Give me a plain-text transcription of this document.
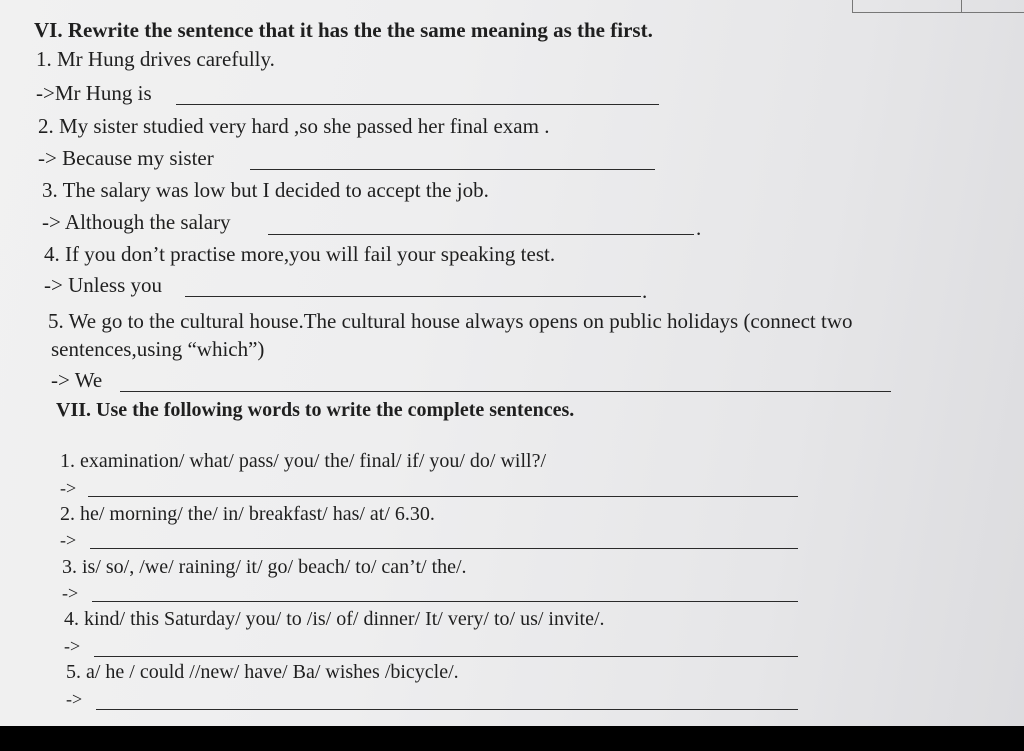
VI. Rewrite the sentence that it has the the same meaning as the first.
1. Mr Hung drives carefully.
->Mr Hung is
2. My sister studied very hard ,so she passed her final exam .
-> Because my sister
3. The salary was low but I decided to accept the job.
-> Although the salary	.
4. If you don’t practise more,you will fail your speaking test.
-> Unless you	.
5. We go to the cultural house.The cultural house always opens on public holidays (connect two
sentences,using “which”)
-> We
VII. Use the following words to write the complete sentences.
1. examination/ what/ pass/ you/ the/ final/ if/ you/ do/ will?/
->
2. he/ morning/ the/ in/ breakfast/ has/ at/ 6.30.
->
3. is/ so/, /we/ raining/ it/ go/ beach/ to/ can’t/ the/.
->
4. kind/ this Saturday/ you/ to /is/ of/ dinner/ It/ very/ to/ us/ invite/.
->
5. a/ he / could //new/ have/ Ba/ wishes /bicycle/.
->
